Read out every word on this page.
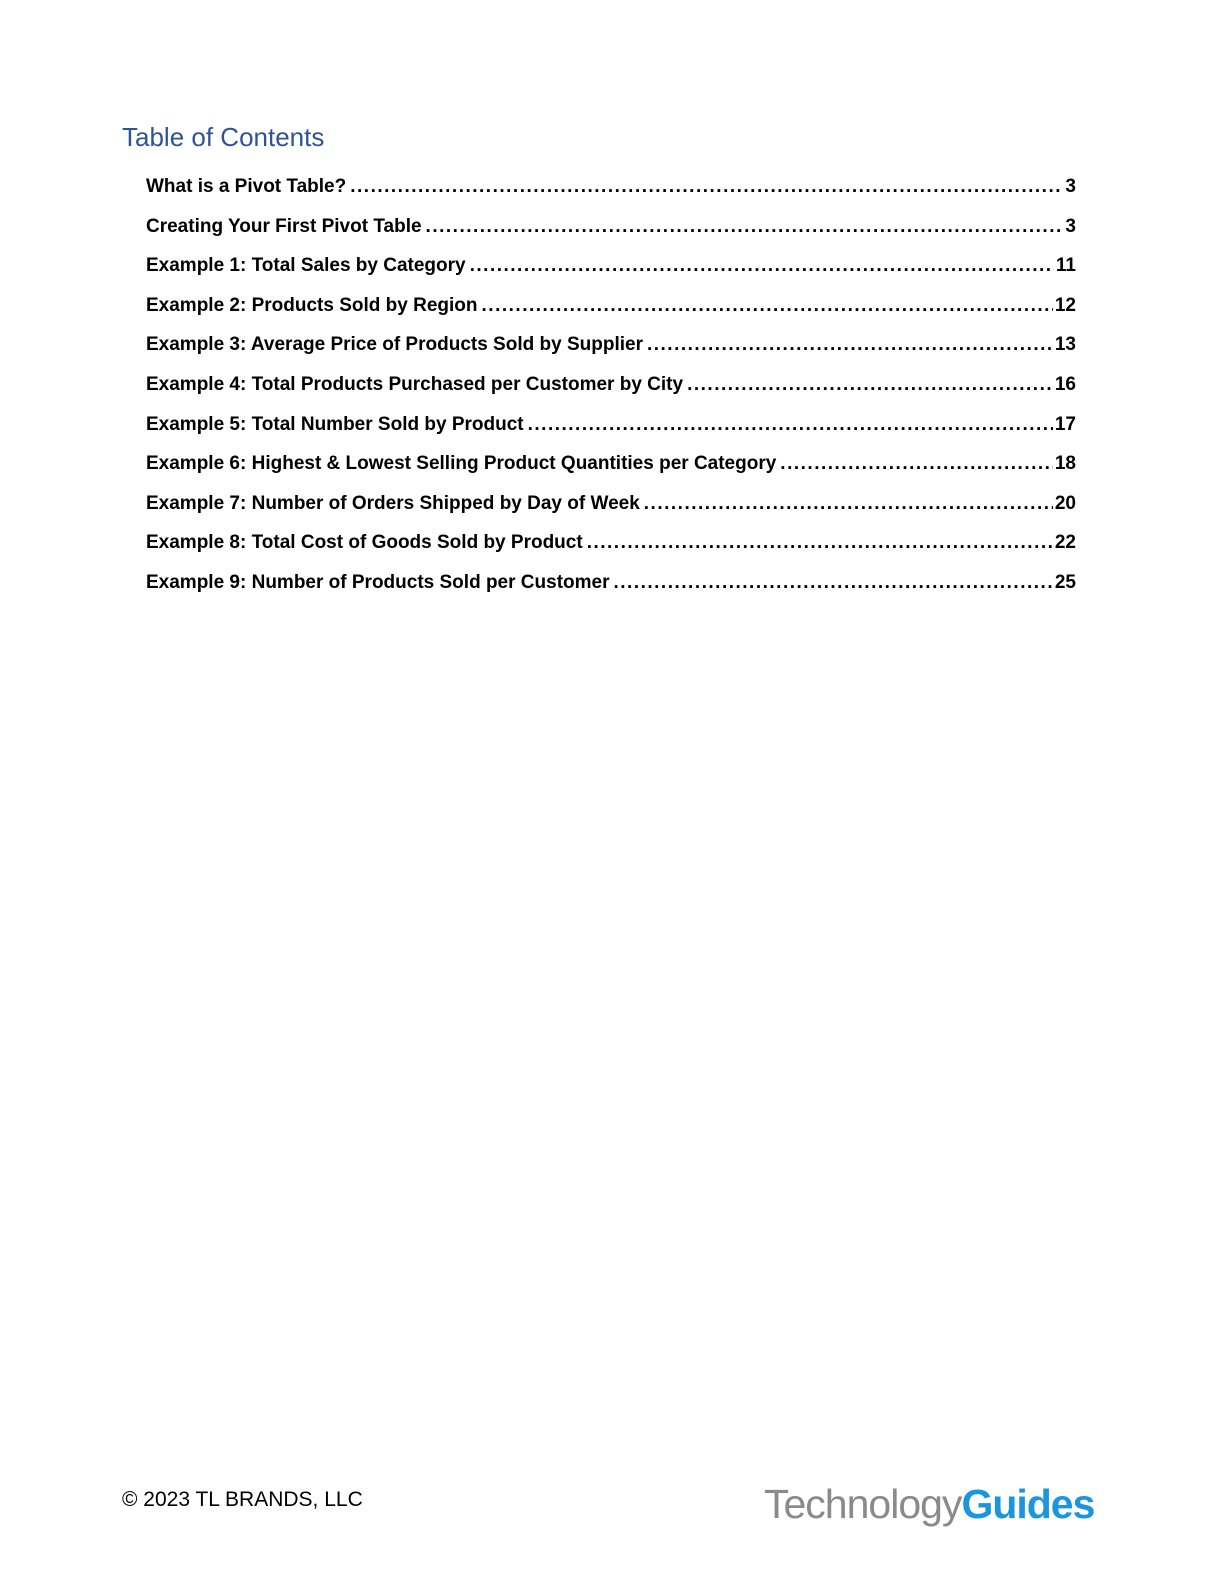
Table of Contents
What is a Pivot Table? .....	3
Creating Your First Pivot Table .....	3
Example 1: Total Sales by Category .....	11
Example 2: Products Sold by Region .....	12
Example 3: Average Price of Products Sold by Supplier .....	13
Example 4: Total Products Purchased per Customer by City .....	16
Example 5: Total Number Sold by Product .....	17
Example 6: Highest & Lowest Selling Product Quantities per Category .....	18
Example 7: Number of Orders Shipped by Day of Week .....	20
Example 8: Total Cost of Goods Sold by Product .....	22
Example 9: Number of Products Sold per Customer .....	25

© 2023 TL BRANDS, LLC	TechnologyGuides
